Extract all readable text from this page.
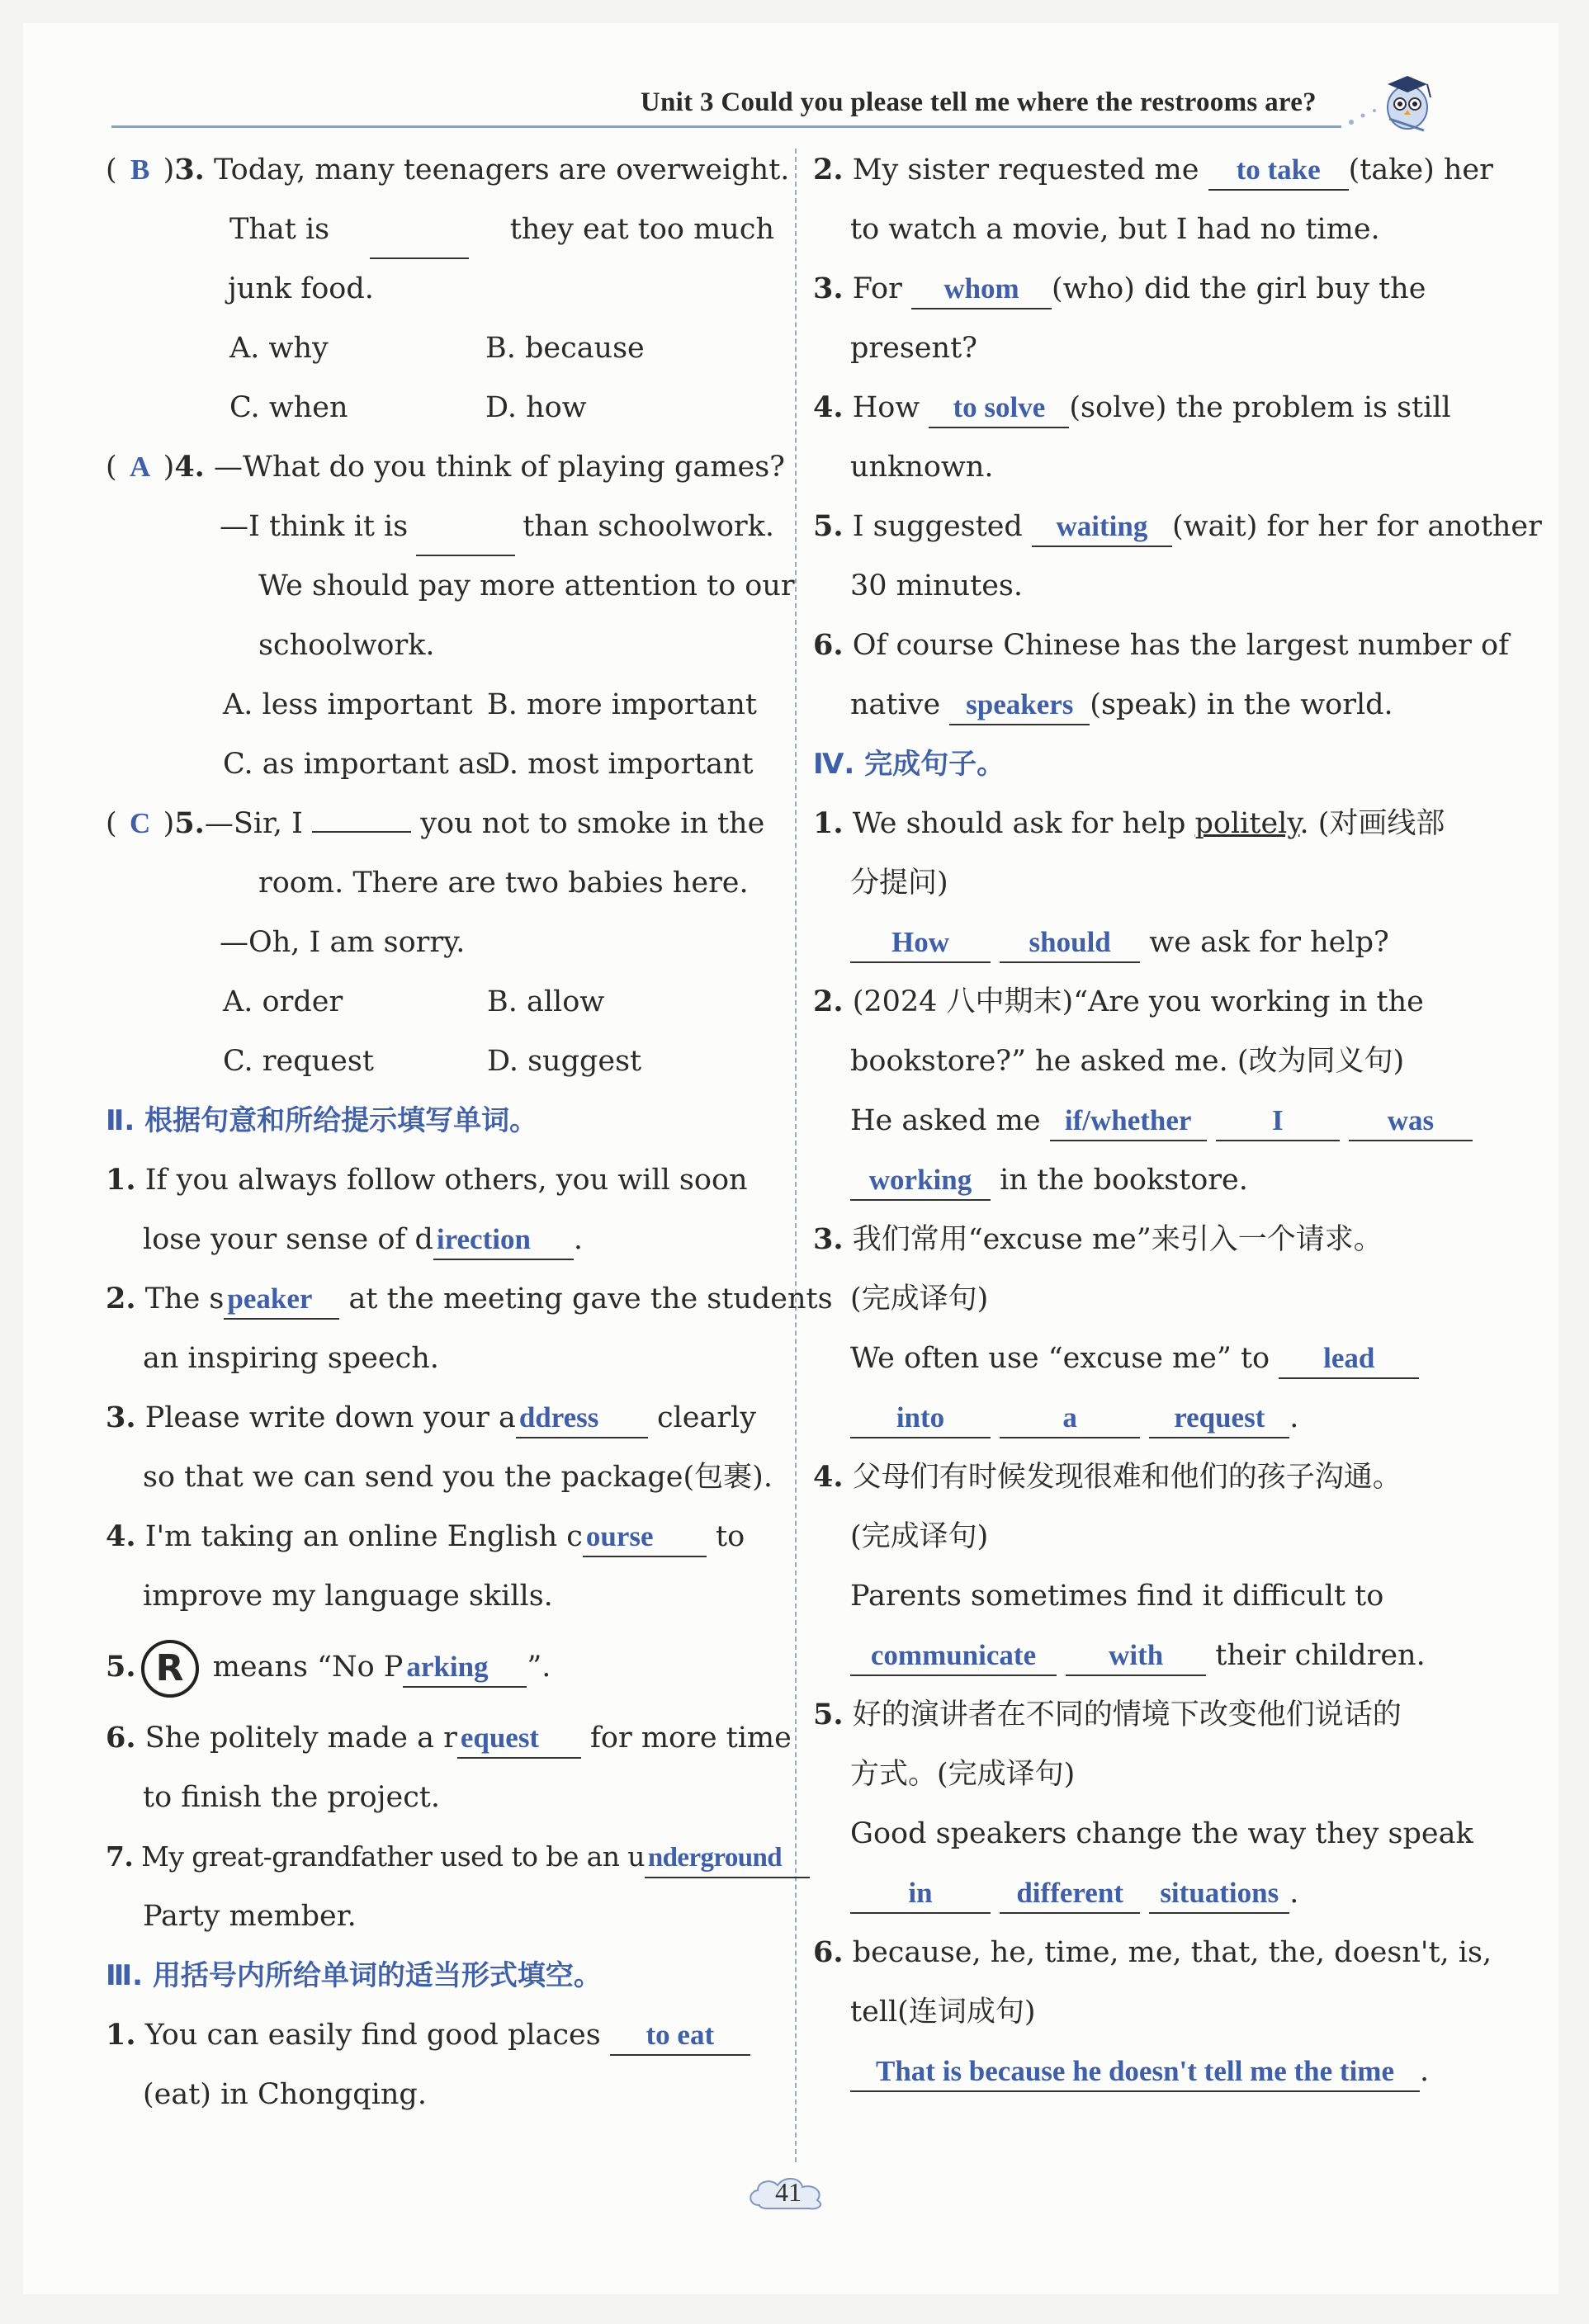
Unit 3 Could you please tell me where the restrooms are?
( B )3. Today, many teenagers are overweight.
That is	they eat too much
junk food.
A. why	B. because
C. when	D. how
( A )4. —What do you think of playing games?
—I think it is	than schoolwork.
We should pay more attention to our
schoolwork.
A. less important B. more important
C. as important asD. most important
( C )5.—Sir, I	you not to smoke in the
room. There are two babies here.
—Oh, I am sorry.
A. order	B. allow
C. request	D. suggest
Ⅱ. 根据句意和所给提示填写单词。
1. If you always follow others, you will soon
lose your sense of d irection .
2. The s peaker at the meeting gave the students
an inspiring speech.
3. Please write down your a ddress clearly
so that we can send you the package(包裹).
4. I'm taking an online English c ourse to
improve my language skills.
5. R means “No P arking ”.
6. She politely made a r equest for more time
to finish the project.
7. My great-grandfather used to be an u nderground
Party member.
Ⅲ. 用括号内所给单词的适当形式填空。
1. You can easily find good places to eat
(eat) in Chongqing.
2. My sister requested me to take (take) her
to watch a movie, but I had no time.
3. For whom (who) did the girl buy the
present?
4. How to solve (solve) the problem is still
unknown.
5. I suggested waiting (wait) for her for another
30 minutes.
6. Of course Chinese has the largest number of
native speakers (speak) in the world.
Ⅳ. 完成句子。
1. We should ask for help politely. (对画线部
分提问)
How	should we ask for help?
2. (2024 八中期末)“Are you working in the
bookstore?” he asked me. (改为同义句)
He asked me if/whether	I	was
working in the bookstore.
3. 我们常用“excuse me”来引入一个请求。
(完成译句)
We often use “excuse me” to lead
into	a	request .
4. 父母们有时候发现很难和他们的孩子沟通。
(完成译句)
Parents sometimes find it difficult to
communicate	with their children.
5. 好的演讲者在不同的情境下改变他们说话的
方式。(完成译句)
Good speakers change the way they speak
in	different situations .
6. because, he, time, me, that, the, doesn't, is,
tell(连词成句)
That is because he doesn't tell me the time .
41
